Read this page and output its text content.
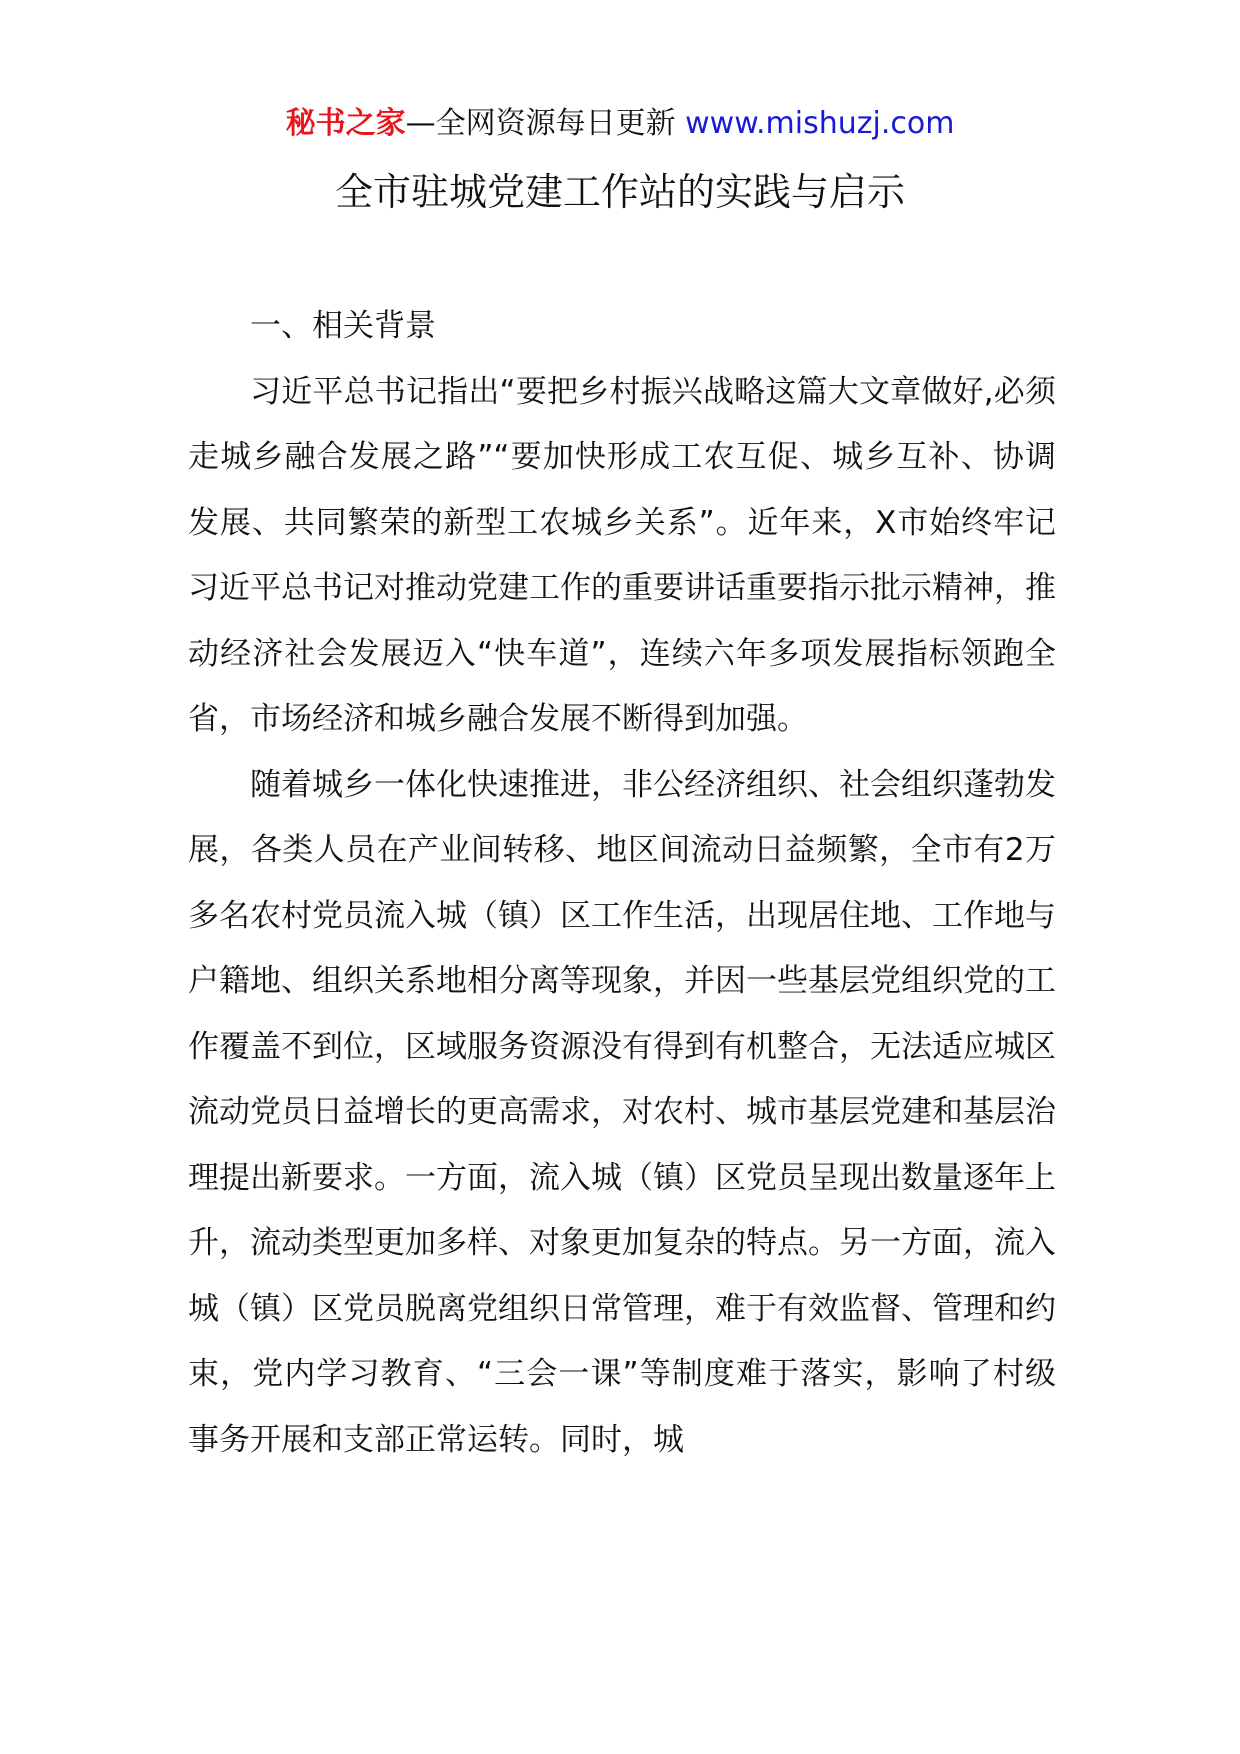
秘书之家—全网资源每日更新 www.mishuzj.com
全市驻城党建工作站的实践与启示
一、相关背景

习近平总书记指出“要把乡村振兴战略这篇大文章做好,必须走城乡融合发展之路”“要加快形成工农互促、城乡互补、协调发展、共同繁荣的新型工农城乡关系”。近年来，X市始终牢记习近平总书记对推动党建工作的重要讲话重要指示批示精神，推动经济社会发展迈入“快车道”，连续六年多项发展指标领跑全省，市场经济和城乡融合发展不断得到加强。

随着城乡一体化快速推进，非公经济组织、社会组织蓬勃发展，各类人员在产业间转移、地区间流动日益频繁，全市有2万多名农村党员流入城（镇）区工作生活，出现居住地、工作地与户籍地、组织关系地相分离等现象，并因一些基层党组织党的工作覆盖不到位，区域服务资源没有得到有机整合，无法适应城区流动党员日益增长的更高需求，对农村、城市基层党建和基层治理提出新要求。一方面，流入城（镇）区党员呈现出数量逐年上升，流动类型更加多样、对象更加复杂的特点。另一方面，流入城（镇）区党员脱离党组织日常管理，难于有效监督、管理和约束，党内学习教育、“三会一课”等制度难于落实，影响了村级事务开展和支部正常运转。同时，城
